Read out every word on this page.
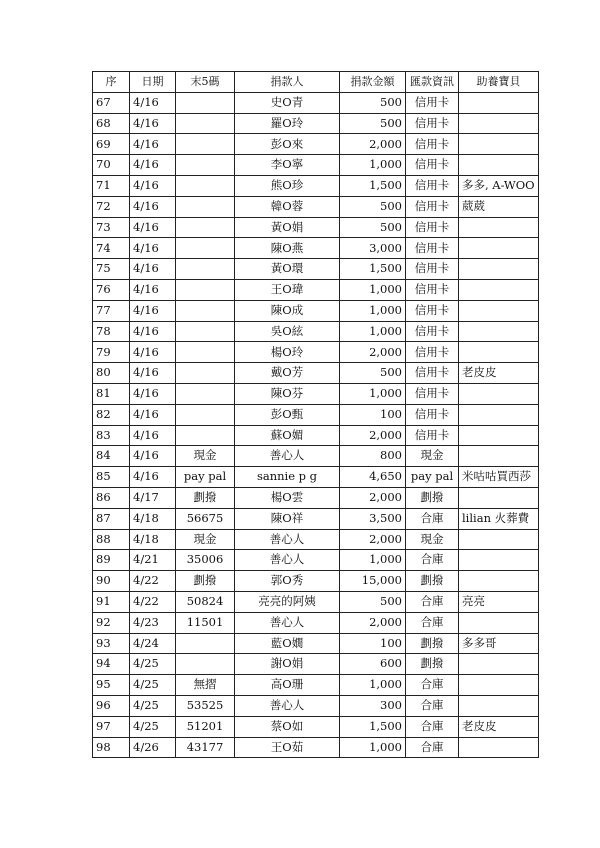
序	日期	末5碼	捐款人	捐款金額	匯款資訊	助養寶貝
67	4/16		史O青	500	信用卡	
68	4/16		羅O玲	500	信用卡	
69	4/16		彭O來	2,000	信用卡	
70	4/16		李O寧	1,000	信用卡	
71	4/16		熊O珍	1,500	信用卡	多多, A-WOO
72	4/16		韓O蓉	500	信用卡	葳葳
73	4/16		黃O娟	500	信用卡	
74	4/16		陳O燕	3,000	信用卡	
75	4/16		黃O環	1,500	信用卡	
76	4/16		王O瑋	1,000	信用卡	
77	4/16		陳O成	1,000	信用卡	
78	4/16		吳O絃	1,000	信用卡	
79	4/16		楊O玲	2,000	信用卡	
80	4/16		戴O芳	500	信用卡	老皮皮
81	4/16		陳O芬	1,000	信用卡	
82	4/16		彭O甄	100	信用卡	
83	4/16		蘇O媚	2,000	信用卡	
84	4/16	現金	善心人	800	現金	
85	4/16	pay pal	sannie p g	4,650	pay pal	米咕咕買西莎
86	4/17	劃撥	楊O雲	2,000	劃撥	
87	4/18	56675	陳O祥	3,500	合庫	lilian 火葬費
88	4/18	現金	善心人	2,000	現金	
89	4/21	35006	善心人	1,000	合庫	
90	4/22	劃撥	郭O秀	15,000	劃撥	
91	4/22	50824	亮亮的阿姨	500	合庫	亮亮
92	4/23	11501	善心人	2,000	合庫	
93	4/24		藍O嫺	100	劃撥	多多哥
94	4/25		謝O娟	600	劃撥	
95	4/25	無摺	高O珊	1,000	合庫	
96	4/25	53525	善心人	300	合庫	
97	4/25	51201	蔡O如	1,500	合庫	老皮皮
98	4/26	43177	王O茹	1,000	合庫	
